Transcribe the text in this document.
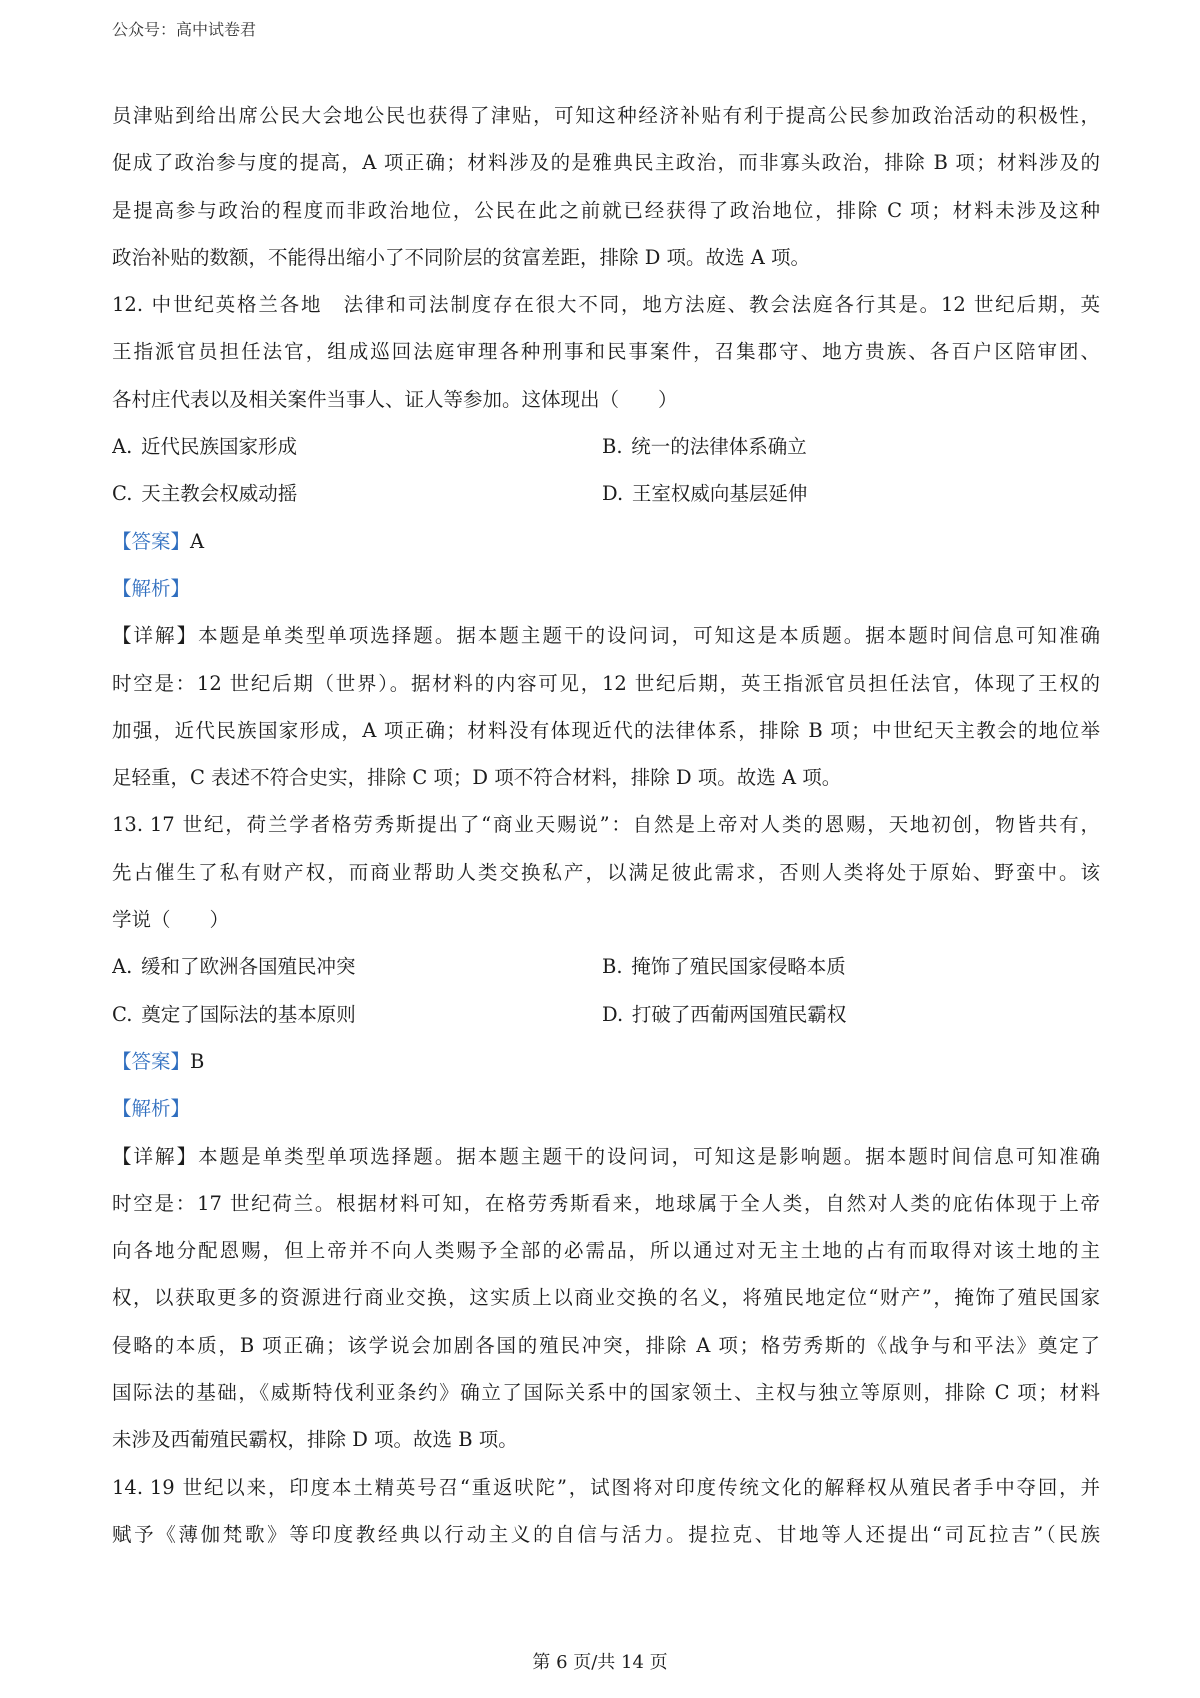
公众号：高中试卷君
员津贴到给出席公民大会地公民也获得了津贴，可知这种经济补贴有利于提高公民参加政治活动的积极性，
促成了政治参与度的提高，A 项正确；材料涉及的是雅典民主政治，而非寡头政治，排除 B 项；材料涉及的
是提高参与政治的程度而非政治地位，公民在此之前就已经获得了政治地位，排除 C 项；材料未涉及这种
政治补贴的数额，不能得出缩小了不同阶层的贫富差距，排除 D 项。故选 A 项。
12. 中世纪英格兰各地　法律和司法制度存在很大不同，地方法庭、教会法庭各行其是。12 世纪后期，英
王指派官员担任法官，组成巡回法庭审理各种刑事和民事案件，召集郡守、地方贵族、各百户区陪审团、
各村庄代表以及相关案件当事人、证人等参加。这体现出（　　）
A. 近代民族国家形成	B. 统一的法律体系确立
C. 天主教会权威动摇	D. 王室权威向基层延伸
【答案】A
【解析】
【详解】本题是单类型单项选择题。据本题主题干的设问词，可知这是本质题。据本题时间信息可知准确
时空是：12 世纪后期（世界）。据材料的内容可见，12 世纪后期，英王指派官员担任法官，体现了王权的
加强，近代民族国家形成，A 项正确；材料没有体现近代的法律体系，排除 B 项；中世纪天主教会的地位举
足轻重，C 表述不符合史实，排除 C 项；D 项不符合材料，排除 D 项。故选 A 项。
13. 17 世纪，荷兰学者格劳秀斯提出了“商业天赐说”：自然是上帝对人类的恩赐，天地初创，物皆共有，
先占催生了私有财产权，而商业帮助人类交换私产，以满足彼此需求，否则人类将处于原始、野蛮中。该
学说（　　）
A. 缓和了欧洲各国殖民冲突	B. 掩饰了殖民国家侵略本质
C. 奠定了国际法的基本原则	D. 打破了西葡两国殖民霸权
【答案】B
【解析】
【详解】本题是单类型单项选择题。据本题主题干的设问词，可知这是影响题。据本题时间信息可知准确
时空是：17 世纪荷兰。根据材料可知，在格劳秀斯看来，地球属于全人类，自然对人类的庇佑体现于上帝
向各地分配恩赐，但上帝并不向人类赐予全部的必需品，所以通过对无主土地的占有而取得对该土地的主
权，以获取更多的资源进行商业交换，这实质上以商业交换的名义，将殖民地定位“财产”，掩饰了殖民国家
侵略的本质，B 项正确；该学说会加剧各国的殖民冲突，排除 A 项；格劳秀斯的《战争与和平法》奠定了
国际法的基础，《威斯特伐利亚条约》确立了国际关系中的国家领土、主权与独立等原则，排除 C 项；材料
未涉及西葡殖民霸权，排除 D 项。故选 B 项。
14. 19 世纪以来，印度本土精英号召“重返吠陀”，试图将对印度传统文化的解释权从殖民者手中夺回，并
赋予《薄伽梵歌》等印度教经典以行动主义的自信与活力。提拉克、甘地等人还提出“司瓦拉吉”（民族
第 6 页/共 14 页
